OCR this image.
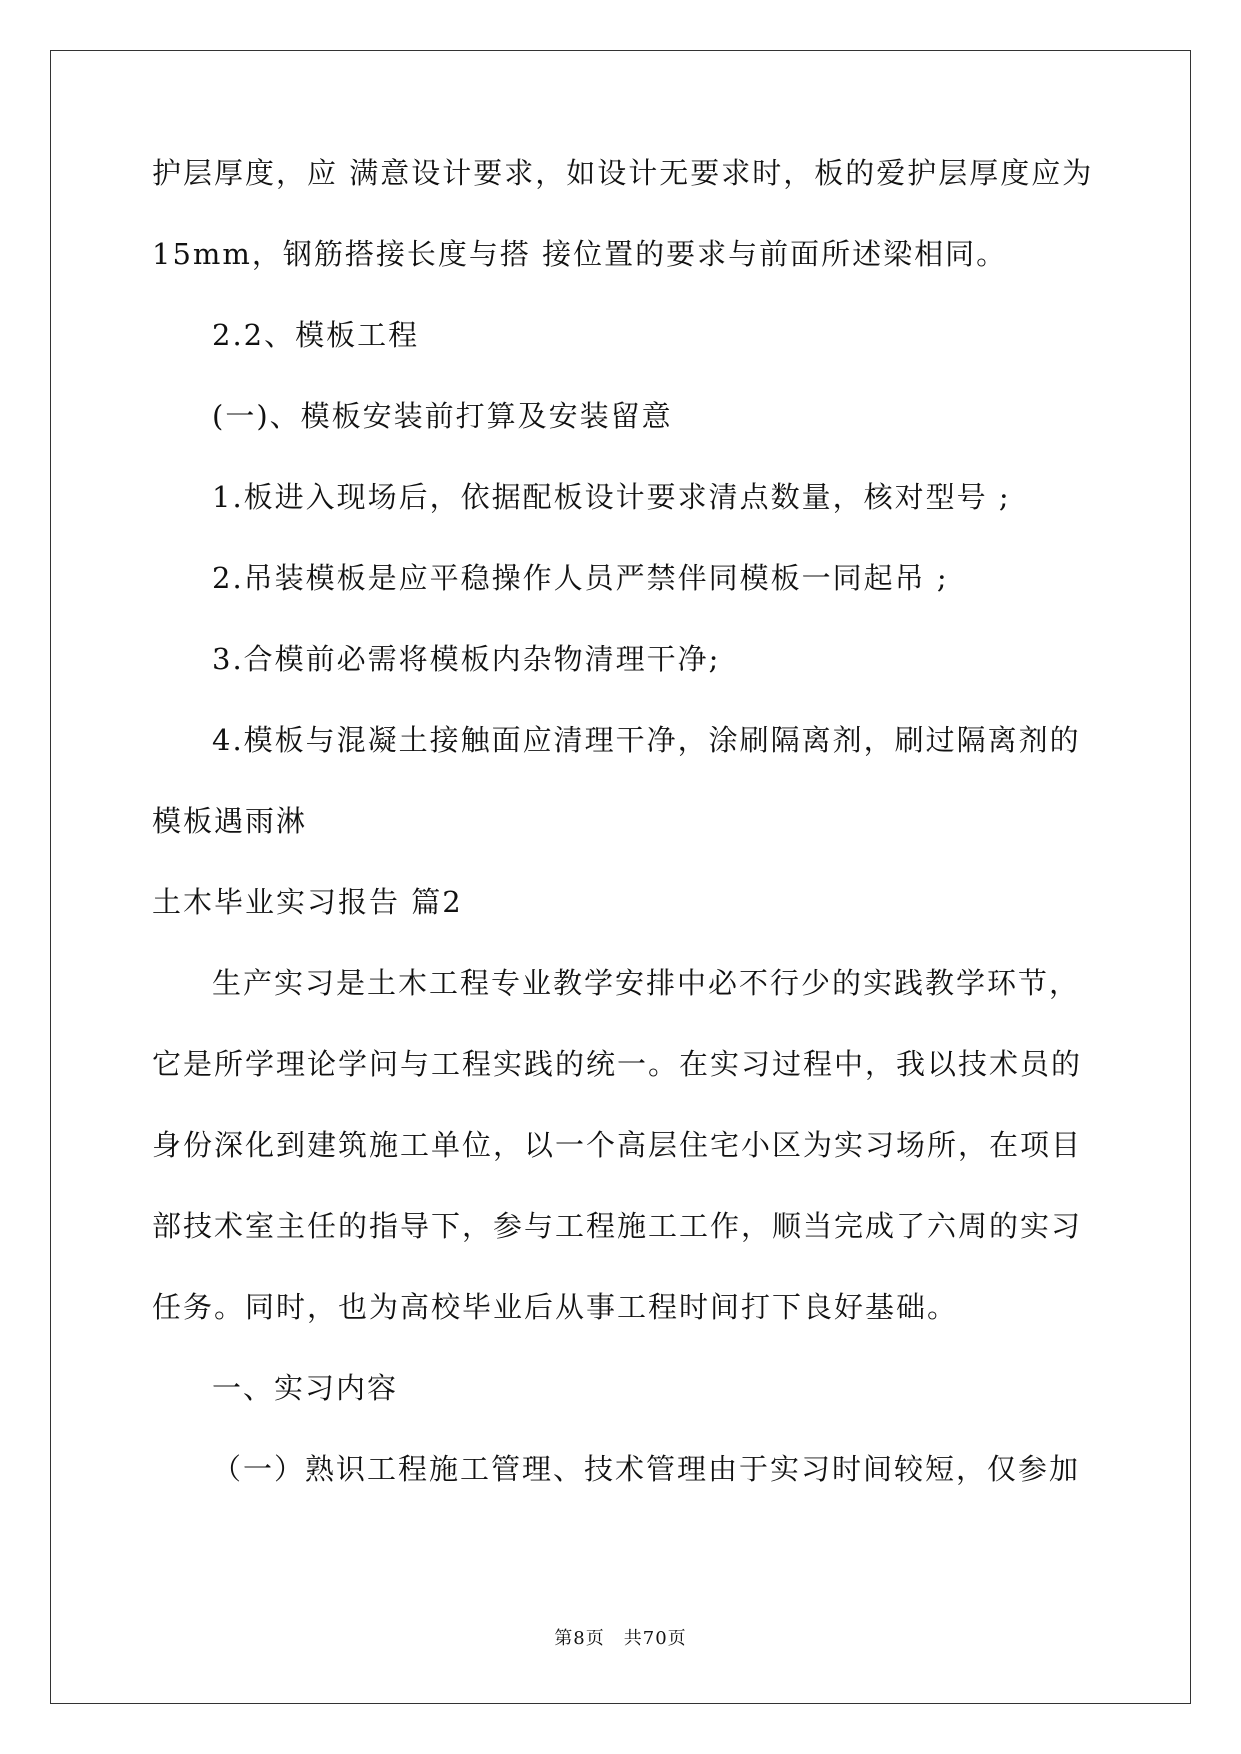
护层厚度，应 满意设计要求，如设计无要求时，板的爱护层厚度应为
15mm，钢筋搭接长度与搭 接位置的要求与前面所述梁相同。
2.2、模板工程
(一)、模板安装前打算及安装留意
1.板进入现场后，依据配板设计要求清点数量，核对型号 ;
2.吊装模板是应平稳操作人员严禁伴同模板一同起吊 ;
3.合模前必需将模板内杂物清理干净;
4.模板与混凝土接触面应清理干净，涂刷隔离剂，刷过隔离剂的
模板遇雨淋
土木毕业实习报告 篇2
生产实习是土木工程专业教学安排中必不行少的实践教学环节，
它是所学理论学问与工程实践的统一。在实习过程中，我以技术员的
身份深化到建筑施工单位，以一个高层住宅小区为实习场所，在项目
部技术室主任的指导下，参与工程施工工作，顺当完成了六周的实习
任务。同时，也为高校毕业后从事工程时间打下良好基础。
一、实习内容
（一）熟识工程施工管理、技术管理由于实习时间较短，仅参加
第8页　共70页
